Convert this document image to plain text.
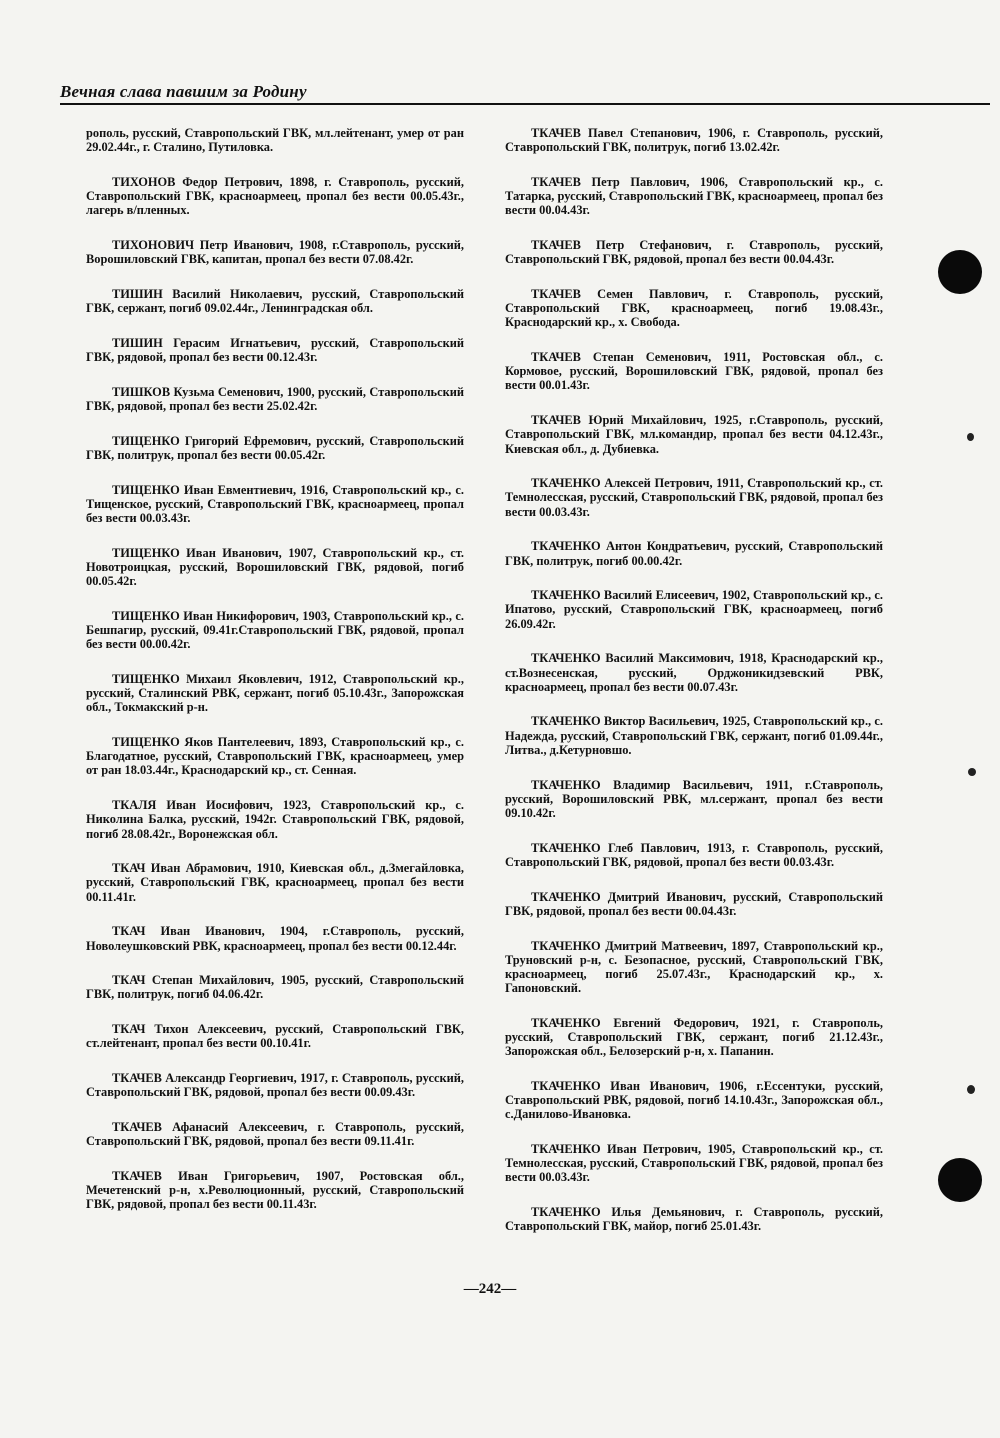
Вечная слава павшим за Родину

рополь, русский, Ставропольский ГВК, мл.лейтенант, умер от ран 29.02.44г., г. Сталино, Путиловка.

ТИХОНОВ Федор Петрович, 1898, г. Ставрополь, русский, Ставропольский ГВК, красноармеец, пропал без вести 00.05.43г., лагерь в/пленных.

ТИХОНОВИЧ Петр Иванович, 1908, г.Ставрополь, русский, Ворошиловский ГВК, капитан, пропал без вести 07.08.42г.

ТИШИН Василий Николаевич, русский, Ставропольский ГВК, сержант, погиб 09.02.44г., Ленинградская обл.

ТИШИН Герасим Игнатьевич, русский, Ставропольский ГВК, рядовой, пропал без вести 00.12.43г.

ТИШКОВ Кузьма Семенович, 1900, русский, Ставропольский ГВК, рядовой, пропал без вести 25.02.42г.

ТИЩЕНКО Григорий Ефремович, русский, Ставропольский ГВК, политрук, пропал без вести 00.05.42г.

ТИЩЕНКО Иван Евментиевич, 1916, Ставропольский кр., с. Тищенское, русский, Ставропольский ГВК, красноармеец, пропал без вести 00.03.43г.

ТИЩЕНКО Иван Иванович, 1907, Ставропольский кр., ст. Новотроицкая, русский, Ворошиловский ГВК, рядовой, погиб 00.05.42г.

ТИЩЕНКО Иван Никифорович, 1903, Ставропольский кр., с. Бешпагир, русский, 09.41г.Ставропольский ГВК, рядовой, пропал без вести 00.00.42г.

ТИЩЕНКО Михаил Яковлевич, 1912, Ставропольский кр., русский, Сталинский РВК, сержант, погиб 05.10.43г., Запорожская обл., Токмакский р-н.

ТИЩЕНКО Яков Пантелеевич, 1893, Ставропольский кр., с. Благодатное, русский, Ставропольский ГВК, красноармеец, умер от ран 18.03.44г., Краснодарский кр., ст. Сенная.

ТКАЛЯ Иван Иосифович, 1923, Ставропольский кр., с. Николина Балка, русский, 1942г. Ставропольский ГВК, рядовой, погиб 28.08.42г., Воронежская обл.

ТКАЧ Иван Абрамович, 1910, Киевская обл., д.Змегайловка, русский, Ставропольский ГВК, красноармеец, пропал без вести 00.11.41г.

ТКАЧ Иван Иванович, 1904, г.Ставрополь, русский, Новолеушковский РВК, красноармеец, пропал без вести 00.12.44г.

ТКАЧ Степан Михайлович, 1905, русский, Ставропольский ГВК, политрук, погиб 04.06.42г.

ТКАЧ Тихон Алексеевич, русский, Ставропольский ГВК, ст.лейтенант, пропал без вести 00.10.41г.

ТКАЧЕВ Александр Георгиевич, 1917, г. Ставрополь, русский, Ставропольский ГВК, рядовой, пропал без вести 00.09.43г.

ТКАЧЕВ Афанасий Алексеевич, г. Ставрополь, русский, Ставропольский ГВК, рядовой, пропал без вести 09.11.41г.

ТКАЧЕВ Иван Григорьевич, 1907, Ростовская обл., Мечетенский р-н, х.Революционный, русский, Ставропольский ГВК, рядовой, пропал без вести 00.11.43г.

ТКАЧЕВ Павел Степанович, 1906, г. Ставрополь, русский, Ставропольский ГВК, политрук, погиб 13.02.42г.

ТКАЧЕВ Петр Павлович, 1906, Ставропольский кр., с. Татарка, русский, Ставропольский ГВК, красноармеец, пропал без вести 00.04.43г.

ТКАЧЕВ Петр Стефанович, г. Ставрополь, русский, Ставропольский ГВК, рядовой, пропал без вести 00.04.43г.

ТКАЧЕВ Семен Павлович, г. Ставрополь, русский, Ставропольский ГВК, красноармеец, погиб 19.08.43г., Краснодарский кр., х. Свобода.

ТКАЧЕВ Степан Семенович, 1911, Ростовская обл., с. Кормовое, русский, Ворошиловский ГВК, рядовой, пропал без вести 00.01.43г.

ТКАЧЕВ Юрий Михайлович, 1925, г.Ставрополь, русский, Ставропольский ГВК, мл.командир, пропал без вести 04.12.43г., Киевская обл., д. Дубиевка.

ТКАЧЕНКО Алексей Петрович, 1911, Ставропольский кр., ст. Темнолесская, русский, Ставропольский ГВК, рядовой, пропал без вести 00.03.43г.

ТКАЧЕНКО Антон Кондратьевич, русский, Ставропольский ГВК, политрук, погиб 00.00.42г.

ТКАЧЕНКО Василий Елисеевич, 1902, Ставропольский кр., с. Ипатово, русский, Ставропольский ГВК, красноармеец, погиб 26.09.42г.

ТКАЧЕНКО Василий Максимович, 1918, Краснодарский кр., ст.Вознесенская, русский, Орджоникидзевский РВК, красноармеец, пропал без вести 00.07.43г.

ТКАЧЕНКО Виктор Васильевич, 1925, Ставропольский кр., с. Надежда, русский, Ставропольский ГВК, сержант, погиб 01.09.44г., Литва., д.Кетурновшо.

ТКАЧЕНКО Владимир Васильевич, 1911, г.Ставрополь, русский, Ворошиловский РВК, мл.сержант, пропал без вести 09.10.42г.

ТКАЧЕНКО Глеб Павлович, 1913, г. Ставрополь, русский, Ставропольский ГВК, рядовой, пропал без вести 00.03.43г.

ТКАЧЕНКО Дмитрий Иванович, русский, Ставропольский ГВК, рядовой, пропал без вести 00.04.43г.

ТКАЧЕНКО Дмитрий Матвеевич, 1897, Ставропольский кр., Труновский р-н, с. Безопасное, русский, Ставропольский ГВК, красноармеец, погиб 25.07.43г., Краснодарский кр., х. Гапоновский.

ТКАЧЕНКО Евгений Федорович, 1921, г. Ставрополь, русский, Ставропольский ГВК, сержант, погиб 21.12.43г., Запорожская обл., Белозерский р-н, х. Папанин.

ТКАЧЕНКО Иван Иванович, 1906, г.Ессентуки, русский, Ставропольский РВК, рядовой, погиб 14.10.43г., Запорожская обл., с.Данилово-Ивановка.

ТКАЧЕНКО Иван Петрович, 1905, Ставропольский кр., ст. Темнолесская, русский, Ставропольский ГВК, рядовой, пропал без вести 00.03.43г.

ТКАЧЕНКО Илья Демьянович, г. Ставрополь, русский, Ставропольский ГВК, майор, погиб 25.01.43г.

—242—
